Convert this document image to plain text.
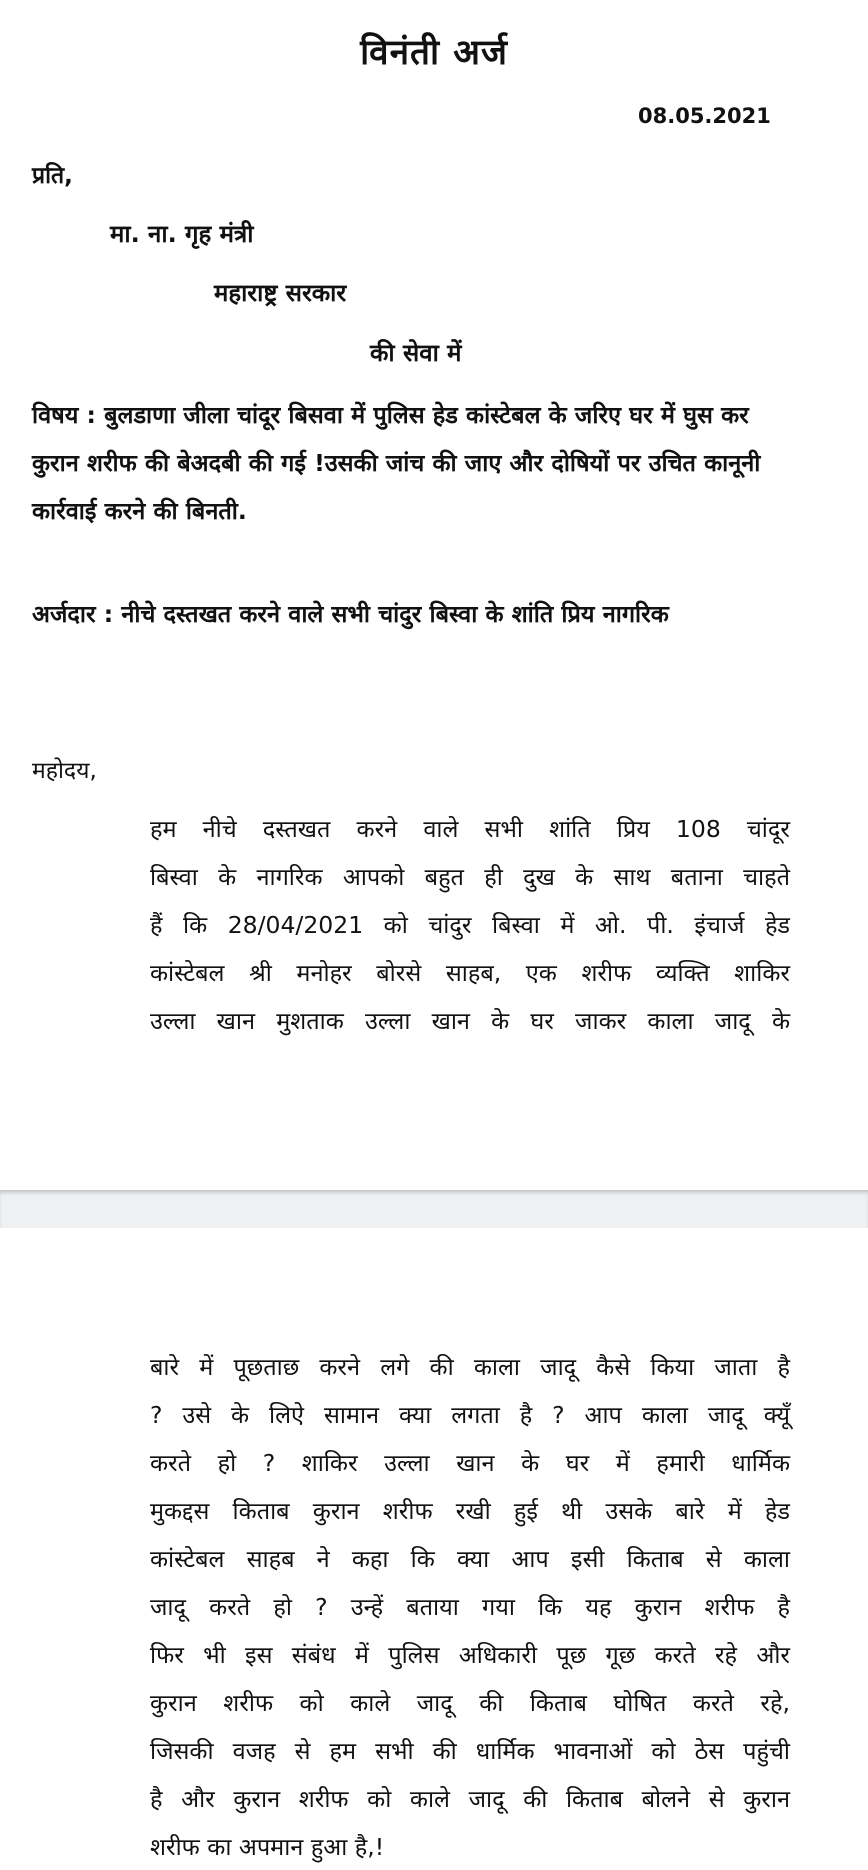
विनंती अर्ज
08.05.2021
प्रति,
मा. ना. गृह मंत्री
महाराष्ट्र सरकार
की सेवा में
विषय : बुलडाणा जीला चांदूर बिसवा में पुलिस हेड कांस्टेबल के जरिए घर में घुस कर कुरान शरीफ की बेअदबी की गई !उसकी जांच की जाए और दोषियों पर उचित कानूनी कार्रवाई करने की बिनती.
अर्जदार : नीचे दस्तखत करने वाले सभी चांदुर बिस्वा के शांति प्रिय नागरिक
महोदय,
हम नीचे दस्तखत करने वाले सभी शांति प्रिय 108 चांदूर
बिस्वा के नागरिक आपको बहुत ही दुख के साथ बताना चाहते
हैं कि 28/04/2021 को चांदुर बिस्वा में ओ. पी. इंचार्ज हेड
कांस्टेबल श्री मनोहर बोरसे साहब, एक शरीफ व्यक्ति शाकिर
उल्ला खान मुशताक उल्ला खान के घर जाकर काला जादू के
बारे में पूछताछ करने लगे की काला जादू कैसे किया जाता है
? उसे के लिऐ सामान क्या लगता है ? आप काला जादू क्यूँ
करते हो ? शाकिर उल्ला खान के घर में हमारी धार्मिक
मुकद्दस किताब कुरान शरीफ रखी हुई थी उसके बारे में हेड
कांस्टेबल साहब ने कहा कि क्या आप इसी किताब से काला
जादू करते हो ? उन्हें बताया गया कि यह कुरान शरीफ है
फिर भी इस संबंध में पुलिस अधिकारी पूछ गूछ करते रहे और
कुरान शरीफ को काले जादू की किताब घोषित करते रहे,
जिसकी वजह से हम सभी की धार्मिक भावनाओं को ठेस पहुंची
है और कुरान शरीफ को काले जादू की किताब बोलने से कुरान
शरीफ का अपमान हुआ है,!
